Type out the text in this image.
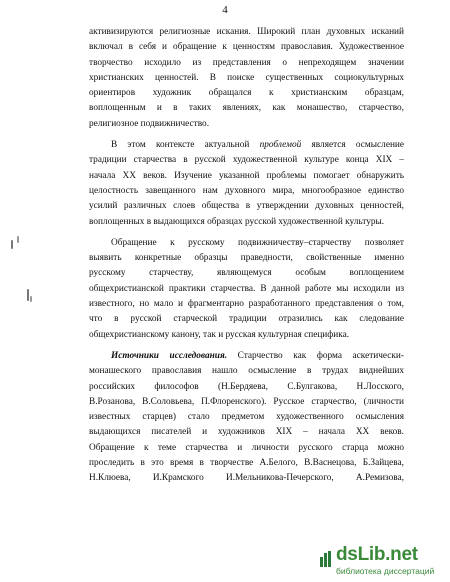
4
активизируются религиозные искания. Широкий план духовных исканий
включал в себя и обращение к ценностям православия. Художественное
творчество исходило из представления о непреходящем значении
христианских ценностей. В поиске существенных социокультурных
ориентиров художник обращался к христианским образцам,
воплощенным и в таких явлениях, как монашество, старчество,
религиозное подвижничество.
В этом контексте актуальной проблемой является осмысление
традиции старчества в русской художественной культуре конца XIX –
начала XX веков. Изучение указанной проблемы помогает обнаружить
целостность завещанного нам духовного мира, многообразное единство
усилий различных слоев общества в утверждении духовных ценностей,
воплощенных в выдающихся образцах русской художественной культуры.
Обращение к русскому подвижничеству–старчеству позволяет
выявить конкретные образцы праведности, свойственные именно
русскому старчеству, являющемуся особым воплощением
общехристианской практики старчества. В данной работе мы исходили из
известного, но мало и фрагментарно разработанного представления о том,
что в русской старческой традиции отразились как следование
общехристианскому канону, так и русская культурная специфика.
Источники исследования. Старчество как форма аскетически-
монашеского православия нашло осмысление в трудах виднейших
российских философов (Н.Бердяева, С.Булгакова, Н.Лосского,
В.Розанова, В.Соловьева, П.Флоренского). Русское старчество, (личности
известных старцев) стало предметом художественного осмысления
выдающихся писателей и художников XIX – начала XX веков.
Обращение к теме старчества и личности русского старца можно
проследить в это время в творчестве А.Белого, В.Васнецова, Б.Зайцева,
Н.Клюева, И.Крамского И.Мельникова-Печерского, А.Ремизова,
dsLib.net
библиотека диссертаций
